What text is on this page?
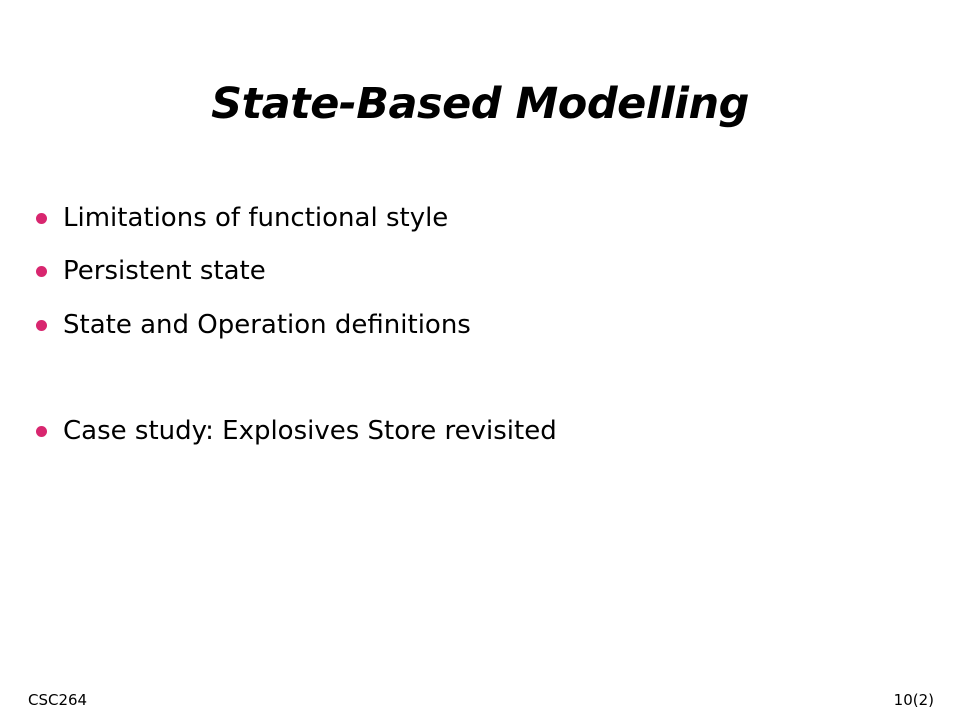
State-Based Modelling
Limitations of functional style
Persistent state
State and Operation definitions
Case study: Explosives Store revisited
CSC264	10(2)
